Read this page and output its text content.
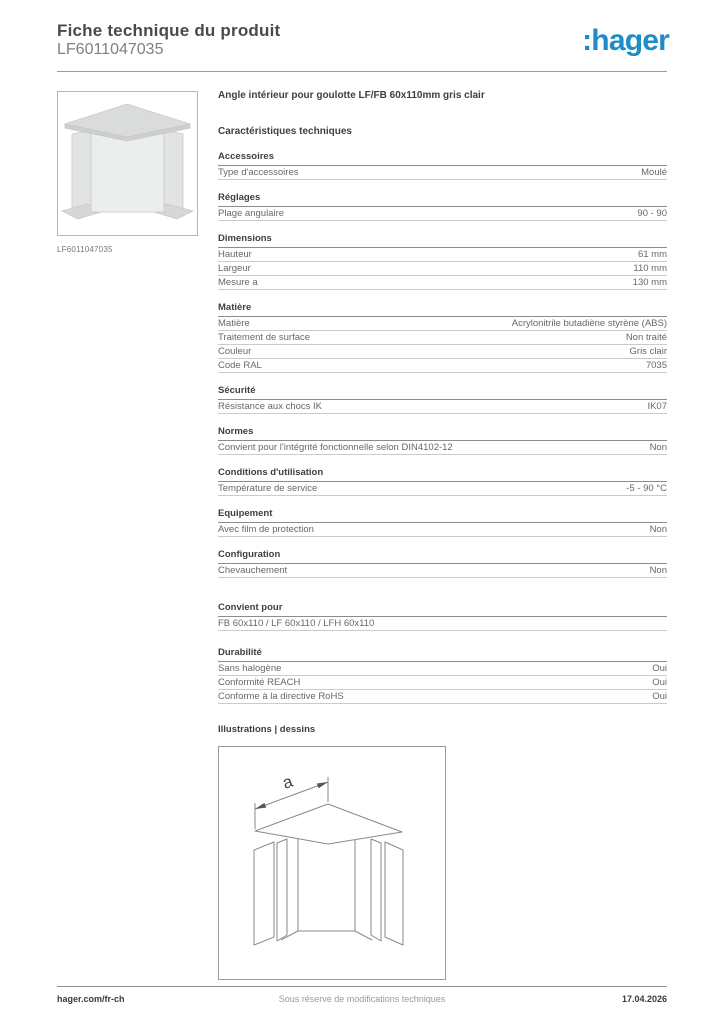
Fiche technique du produit
LF6011047035	:hager
LF6011047035
Angle intérieur pour goulotte LF/FB 60x110mm gris clair
Caractéristiques techniques
Accessoires
Type d'accessoires	Moulé
Réglages
Plage angulaire	90 - 90
Dimensions
Hauteur	61 mm
Largeur	110 mm
Mesure a	130 mm
Matière
Matière	Acrylonitrile butadiène styrène (ABS)
Traitement de surface	Non traité
Couleur	Gris clair
Code RAL	7035
Sécurité
Résistance aux chocs IK	IK07
Normes
Convient pour l'intégrité fonctionnelle selon DIN4102-12	Non
Conditions d'utilisation
Température de service	-5 - 90 °C
Equipement
Avec film de protection	Non
Configuration
Chevauchement	Non
Convient pour
FB 60x110 / LF 60x110 / LFH 60x110
Durabilité
Sans halogène	Oui
Conformité REACH	Oui
Conforme à la directive RoHS	Oui
Illustrations | dessins
a
hager.com/fr-ch	Sous réserve de modifications techniques	17.04.2026
